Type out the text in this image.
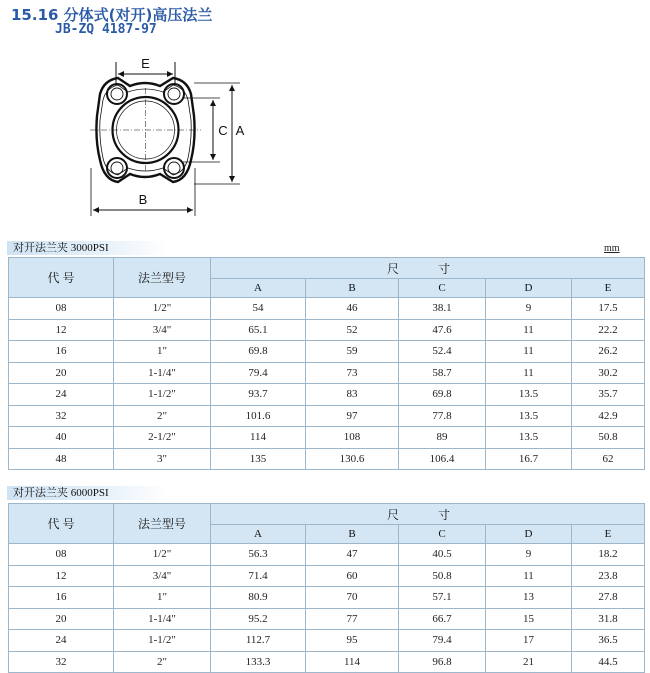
15.16 分体式(对开)高压法兰
JB-ZQ 4187-97
E
C A
B
对开法兰夹 3000PSI	mm
代 号	法兰型号	尺 寸				
		A	B	C	D	E
08	1/2"	54	46	38.1	9	17.5
12	3/4"	65.1	52	47.6	11	22.2
16	1"	69.8	59	52.4	11	26.2
20	1-1/4"	79.4	73	58.7	11	30.2
24	1-1/2"	93.7	83	69.8	13.5	35.7
32	2"	101.6	97	77.8	13.5	42.9
40	2-1/2"	114	108	89	13.5	50.8
48	3"	135	130.6	106.4	16.7	62
对开法兰夹 6000PSI
代 号	法兰型号	尺 寸				
		A	B	C	D	E
08	1/2"	56.3	47	40.5	9	18.2
12	3/4"	71.4	60	50.8	11	23.8
16	1"	80.9	70	57.1	13	27.8
20	1-1/4"	95.2	77	66.7	15	31.8
24	1-1/2"	112.7	95	79.4	17	36.5
32	2"	133.3	114	96.8	21	44.5
